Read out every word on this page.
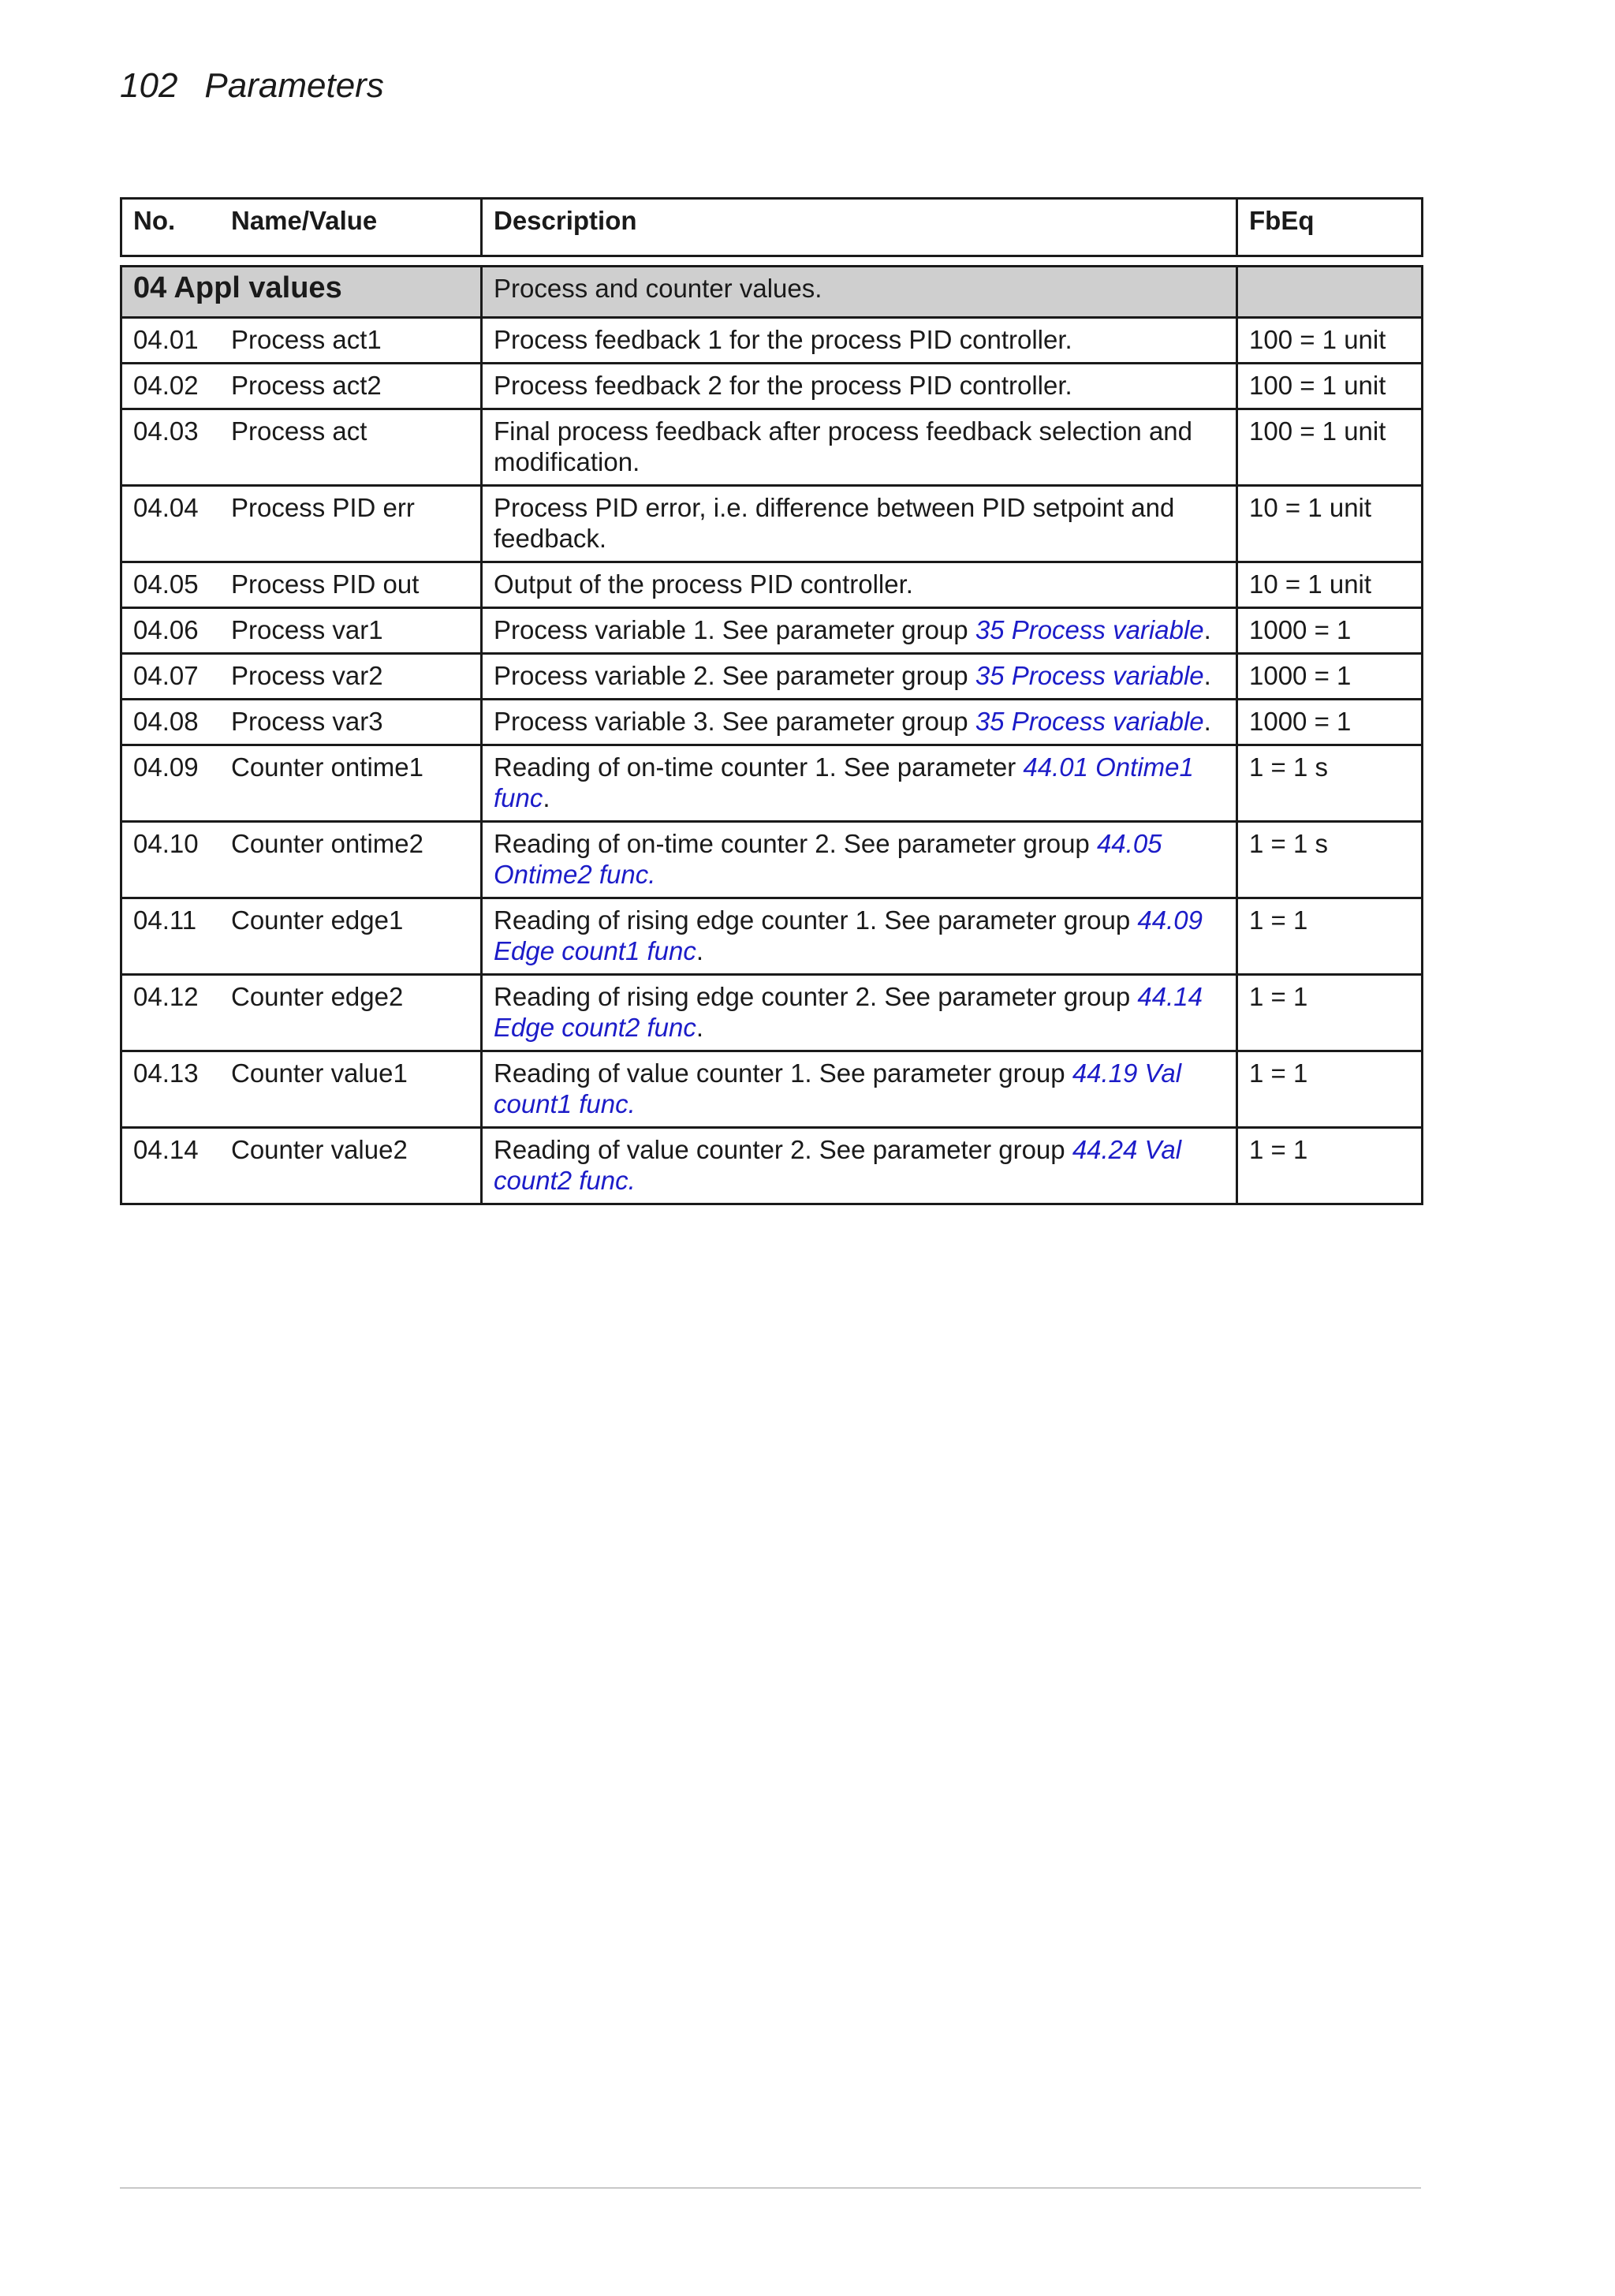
102 Parameters
No. Name/Value	Description	FbEq
04 Appl values	Process and counter values.	

04.01 Process act1	Process feedback 1 for the process PID controller.	100 = 1 unit

04.02 Process act2	Process feedback 2 for the process PID controller.	100 = 1 unit

04.03 Process act	Final process feedback after process feedback selection and modification.	100 = 1 unit

04.04 Process PID err	Process PID error, i.e. difference between PID setpoint and feedback.	10 = 1 unit

04.05 Process PID out	Output of the process PID controller.	10 = 1 unit

04.06 Process var1	Process variable 1. See parameter group 35 Process variable.	1000 = 1

04.07 Process var2	Process variable 2. See parameter group 35 Process variable.	1000 = 1

04.08 Process var3	Process variable 3. See parameter group 35 Process variable.	1000 = 1

04.09 Counter ontime1	Reading of on-time counter 1. See parameter 44.01 Ontime1 func.	1 = 1 s

04.10 Counter ontime2	Reading of on-time counter 2. See parameter group 44.05 Ontime2 func.	1 = 1 s

04.11 Counter edge1	Reading of rising edge counter 1. See parameter group 44.09 Edge count1 func.	1 = 1

04.12 Counter edge2	Reading of rising edge counter 2. See parameter group 44.14 Edge count2 func.	1 = 1

04.13 Counter value1	Reading of value counter 1. See parameter group 44.19 Val count1 func.	1 = 1

04.14 Counter value2	Reading of value counter 2. See parameter group 44.24 Val count2 func.	1 = 1
